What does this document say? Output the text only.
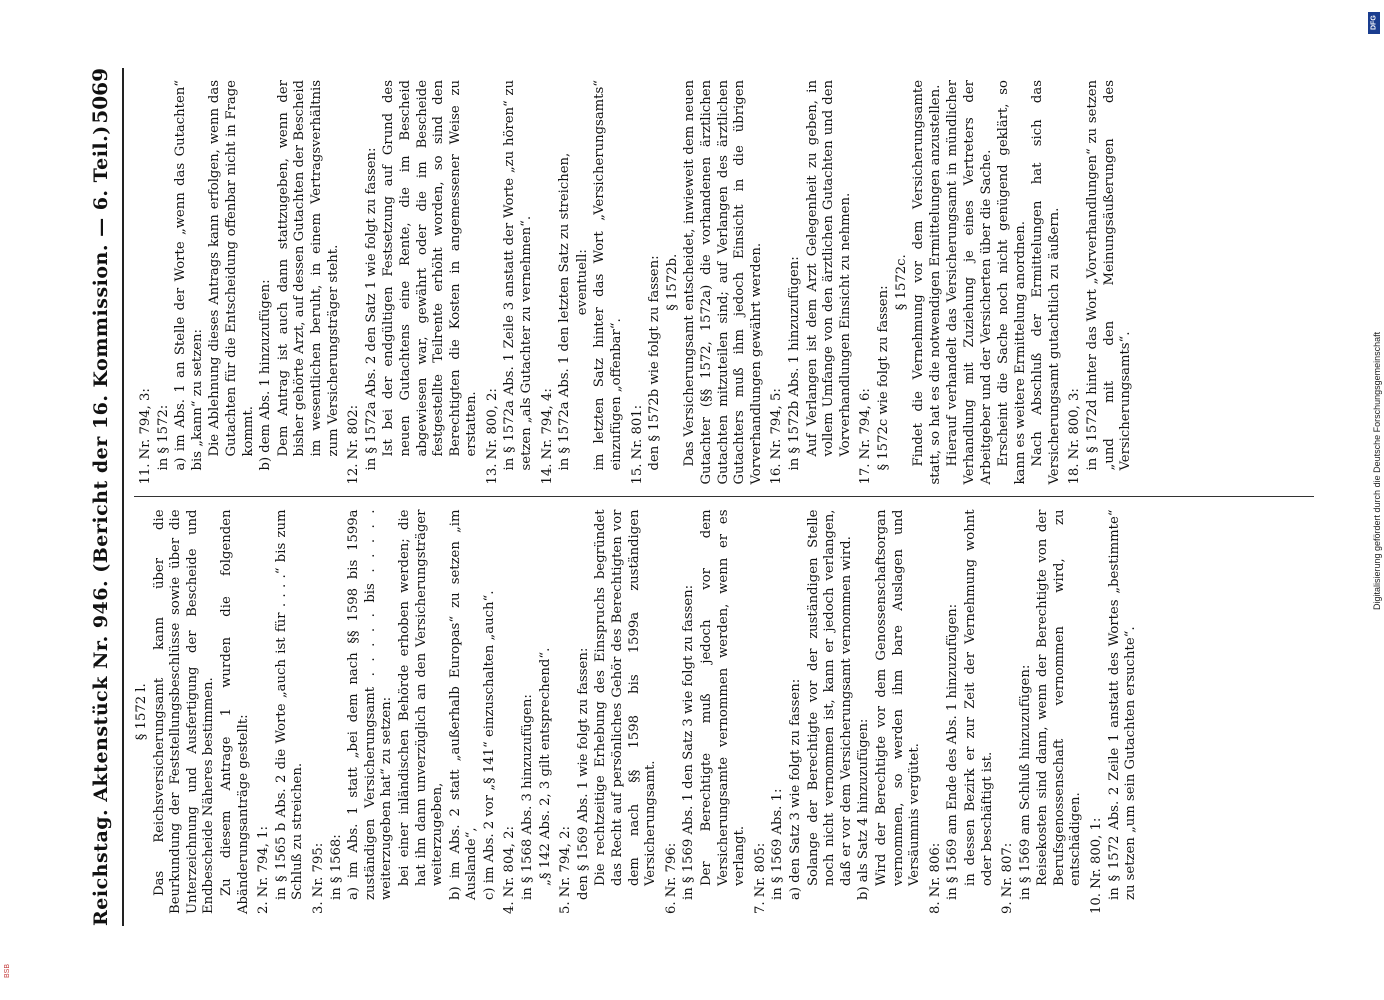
Reichstag. Aktenstück Nr. 946. (Bericht der 16. Kommission. — 6. Teil.)
5069

§ 1572 l. Das Reichsversicherungsamt kann über die Beurkundung der Feststellungsbeschlüsse sowie über die Unterzeichnung und Ausfertigung der Bescheide und Endbescheide Näheres bestimmen. Zu diesem Antrage 1 wurden die folgenden Abänderungsanträge gestellt: 2. Nr. 794, 1: in § 1565 b Abs. 2 die Worte „auch ist für . . . .“ bis zum Schluß zu streichen. 3. Nr. 795: in § 1568: a) im Abs. 1 statt „bei dem nach §§ 1598 bis 1599a zuständigen Versicherungsamt . . . . . bis . . . . . weiterzugeben hat“ zu setzen: bei einer inländischen Behörde erhoben werden; die hat ihn dann unverzüglich an den Versicherungsträger weiterzugeben, b) im Abs. 2 statt „außerhalb Europas“ zu setzen „im Auslande“, c) im Abs. 2 vor „§ 141“ einzuschalten „auch“. 4. Nr. 804, 2: in § 1568 Abs. 3 hinzuzufügen: „§ 142 Abs. 2, 3 gilt entsprechend“. 5. Nr. 794, 2: den § 1569 Abs. 1 wie folgt zu fassen: Die rechtzeitige Erhebung des Einspruchs begründet das Recht auf persönliches Gehör des Berechtigten vor dem nach §§ 1598 bis 1599a zuständigen Versicherungsamt. 6. Nr. 796: in § 1569 Abs. 1 den Satz 3 wie folgt zu fassen: Der Berechtigte muß jedoch vor dem Versicherungsamte vernommen werden, wenn er es verlangt. 7. Nr. 805: in § 1569 Abs. 1: a) den Satz 3 wie folgt zu fassen: Solange der Berechtigte vor der zuständigen Stelle noch nicht vernommen ist, kann er jedoch verlangen, daß er vor dem Versicherungsamt vernommen wird. b) als Satz 4 hinzuzufügen: Wird der Berechtigte vor dem Genossenschaftsorgan vernommen, so werden ihm bare Auslagen und Versäumnis vergütet. 8. Nr. 806: in § 1569 am Ende des Abs. 1 hinzuzufügen: in dessen Bezirk er zur Zeit der Vernehmung wohnt oder beschäftigt ist. 9. Nr. 807: in § 1569 am Schluß hinzuzufügen: Reisekosten sind dann, wenn der Berechtigte von der Berufsgenossenschaft vernommen wird, zu entschädigen. 10. Nr. 800, 1: in § 1572 Abs. 2 Zeile 1 anstatt des Wortes „bestimmte“ zu setzen „um sein Gutachten ersuchte“.

11. Nr. 794, 3: in § 1572: a) im Abs. 1 an Stelle der Worte „wenn das Gutachten“ bis „kann“ zu setzen: Die Ablehnung dieses Antrags kann erfolgen, wenn das Gutachten für die Entscheidung offenbar nicht in Frage kommt. b) dem Abs. 1 hinzuzufügen: Dem Antrag ist auch dann stattzugeben, wenn der bisher gehörte Arzt, auf dessen Gutachten der Bescheid im wesentlichen beruht, in einem Vertragsverhältnis zum Versicherungsträger steht. 12. Nr. 802: in § 1572a Abs. 2 den Satz 1 wie folgt zu fassen: Ist bei der endgültigen Festsetzung auf Grund des neuen Gutachtens eine Rente, die im Bescheid abgewiesen war, gewährt oder die im Bescheide festgestellte Teilrente erhöht worden, so sind den Berechtigten die Kosten in angemessener Weise zu erstatten. 13. Nr. 800, 2: in § 1572a Abs. 1 Zeile 3 anstatt der Worte „zu hören“ zu setzen „als Gutachter zu vernehmen“. 14. Nr. 794, 4: in § 1572a Abs. 1 den letzten Satz zu streichen, eventuell: im letzten Satz hinter das Wort „Versicherungsamts“ einzufügen „offenbar“. 15. Nr. 801: den § 1572b wie folgt zu fassen: § 1572b. Das Versicherungsamt entscheidet, inwieweit dem neuen Gutachter (§§ 1572, 1572a) die vorhandenen ärztlichen Gutachten mitzuteilen sind; auf Verlangen des ärztlichen Gutachters muß ihm jedoch Einsicht in die übrigen Vorverhandlungen gewährt werden. 16. Nr. 794, 5: in § 1572b Abs. 1 hinzuzufügen: Auf Verlangen ist dem Arzt Gelegenheit zu geben, in vollem Umfange von den ärztlichen Gutachten und den Vorverhandlungen Einsicht zu nehmen. 17. Nr. 794, 6: § 1572c wie folgt zu fassen:

§ 1572c. Findet die Vernehmung vor dem Versicherungsamte statt, so hat es die notwendigen Ermittelungen anzustellen. Hierauf verhandelt das Versicherungsamt in mündlicher Verhandlung mit Zuziehung je eines Vertreters der Arbeitgeber und der Versicherten über die Sache. Erscheint die Sache noch nicht genügend geklärt, so kann es weitere Ermittelung anordnen. Nach Abschluß der Ermittelungen hat sich das Versicherungsamt gutachtlich zu äußern. 18. Nr. 800, 3: in § 1572d hinter das Wort „Vorverhandlungen“ zu setzen „und mit den Meinungsäußerungen des Versicherungsamts“.

DFG
Digitalisierung gefördert durch die Deutsche Forschungsgemeinschaft
BSB
